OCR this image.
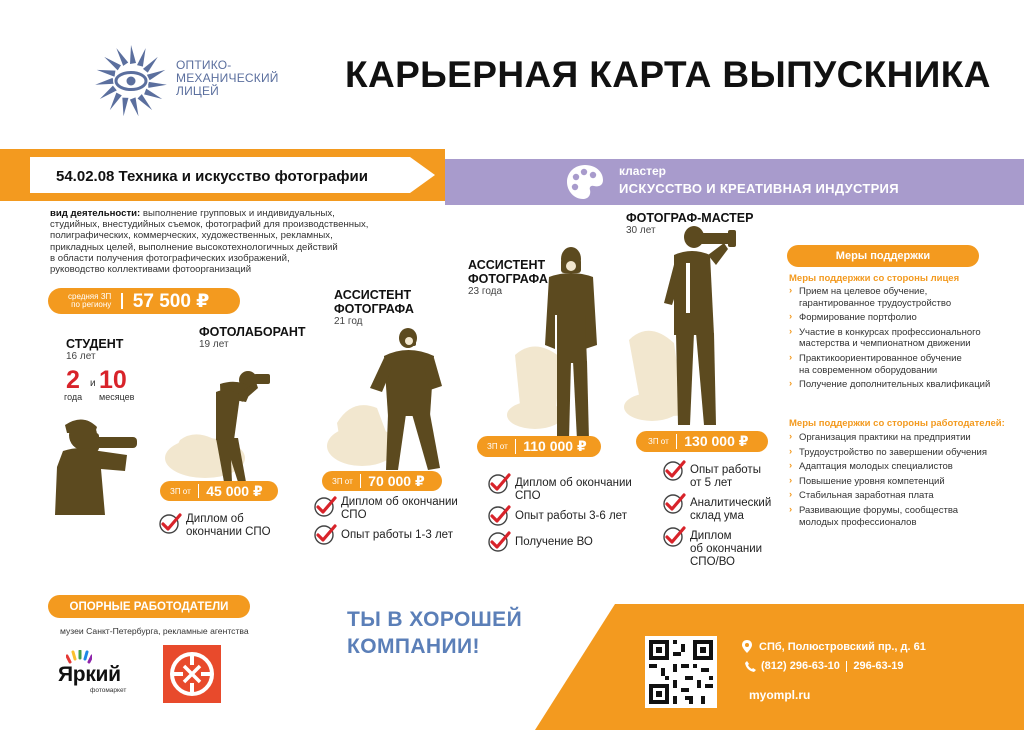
ОПТИКО-
МЕХАНИЧЕСКИЙ
ЛИЦЕЙ	КАРЬЕРНАЯ КАРТА ВЫПУСКНИКА
54.02.08 Техника и искусство фотографии	кластер
ИСКУССТВО И КРЕАТИВНАЯ ИНДУСТРИЯ
вид деятельности: выполнение групповых и индивидуальных,
студийных, внестудийных съемок, фотографий для производственных,
полиграфических, коммерческих, художественных, рекламных,
прикладных целей, выполнение высокотехнологичных действий
в области получения фотографических изображений,
руководство коллективами фотоорганизаций
средняя ЗП
по региону 57 500 ₽
СТУДЕНТ
16 лет
2
года
и 10
месяцев
ФОТОЛАБОРАНТ
19 лет
ЗП от 45 000 ₽
Диплом об
окончании СПО
АССИСТЕНТ
ФОТОГРАФА
21 год
ЗП от 70 000 ₽
Диплом об окончании
СПО
Опыт работы 1-3 лет
АССИСТЕНТ
ФОТОГРАФА
23 года
ЗП от 110 000 ₽
Диплом об окончании
СПО
Опыт работы 3-6 лет
Получение ВО
ФОТОГРАФ-МАСТЕР
30 лет
ЗП от 130 000 ₽
Опыт работы
от 5 лет
Аналитический
склад ума
Диплом
об окончании
СПО/ВО
Меры поддержки
Меры поддержки со стороны лицея
› Прием на целевое обучение,
гарантированное трудоустройство
› Формирование портфолио
› Участие в конкурсах профессионального
мастерства и чемпионатном движении
› Практикоориентированное обучение
на современном оборудовании
› Получение дополнительных квалификаций
Меры поддержки со стороны работодателей:
› Организация практики на предприятии
› Трудоустройство по завершении обучения
› Адаптация молодых специалистов
› Повышение уровня компетенций
› Стабильная заработная плата
› Развивающие форумы, сообщества
молодых профессионалов
ОПОРНЫЕ РАБОТОДАТЕЛИ
музеи Санкт-Петербурга, рекламные агентства
Яркий
фотомаркет
ТЫ В ХОРОШЕЙ
КОМПАНИИ!	СПб, Полюстровский пр., д. 61
(812) 296-63-10 296-63-19
myompl.ru
